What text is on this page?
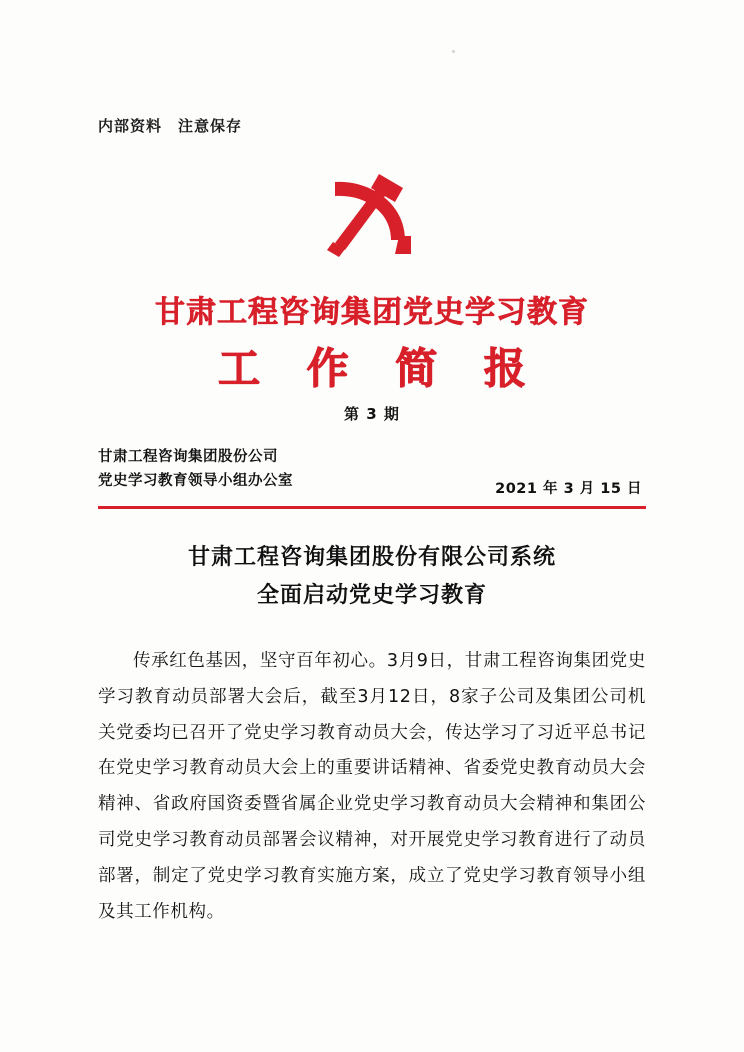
内部资料 注意保存
甘肃工程咨询集团党史学习教育
工 作 简 报
第 3 期
甘肃工程咨询集团股份公司
党史学习教育领导小组办公室
2021 年 3 月 15 日
甘肃工程咨询集团股份有限公司系统
全面启动党史学习教育
传承红色基因，坚守百年初心。3月9日，甘肃工程咨询集团党史学习教育动员部署大会后，截至3月12日，8家子公司及集团公司机关党委均已召开了党史学习教育动员大会，传达学习了习近平总书记在党史学习教育动员大会上的重要讲话精神、省委党史教育动员大会精神、省政府国资委暨省属企业党史学习教育动员大会精神和集团公司党史学习教育动员部署会议精神，对开展党史学习教育进行了动员部署，制定了党史学习教育实施方案，成立了党史学习教育领导小组及其工作机构。
